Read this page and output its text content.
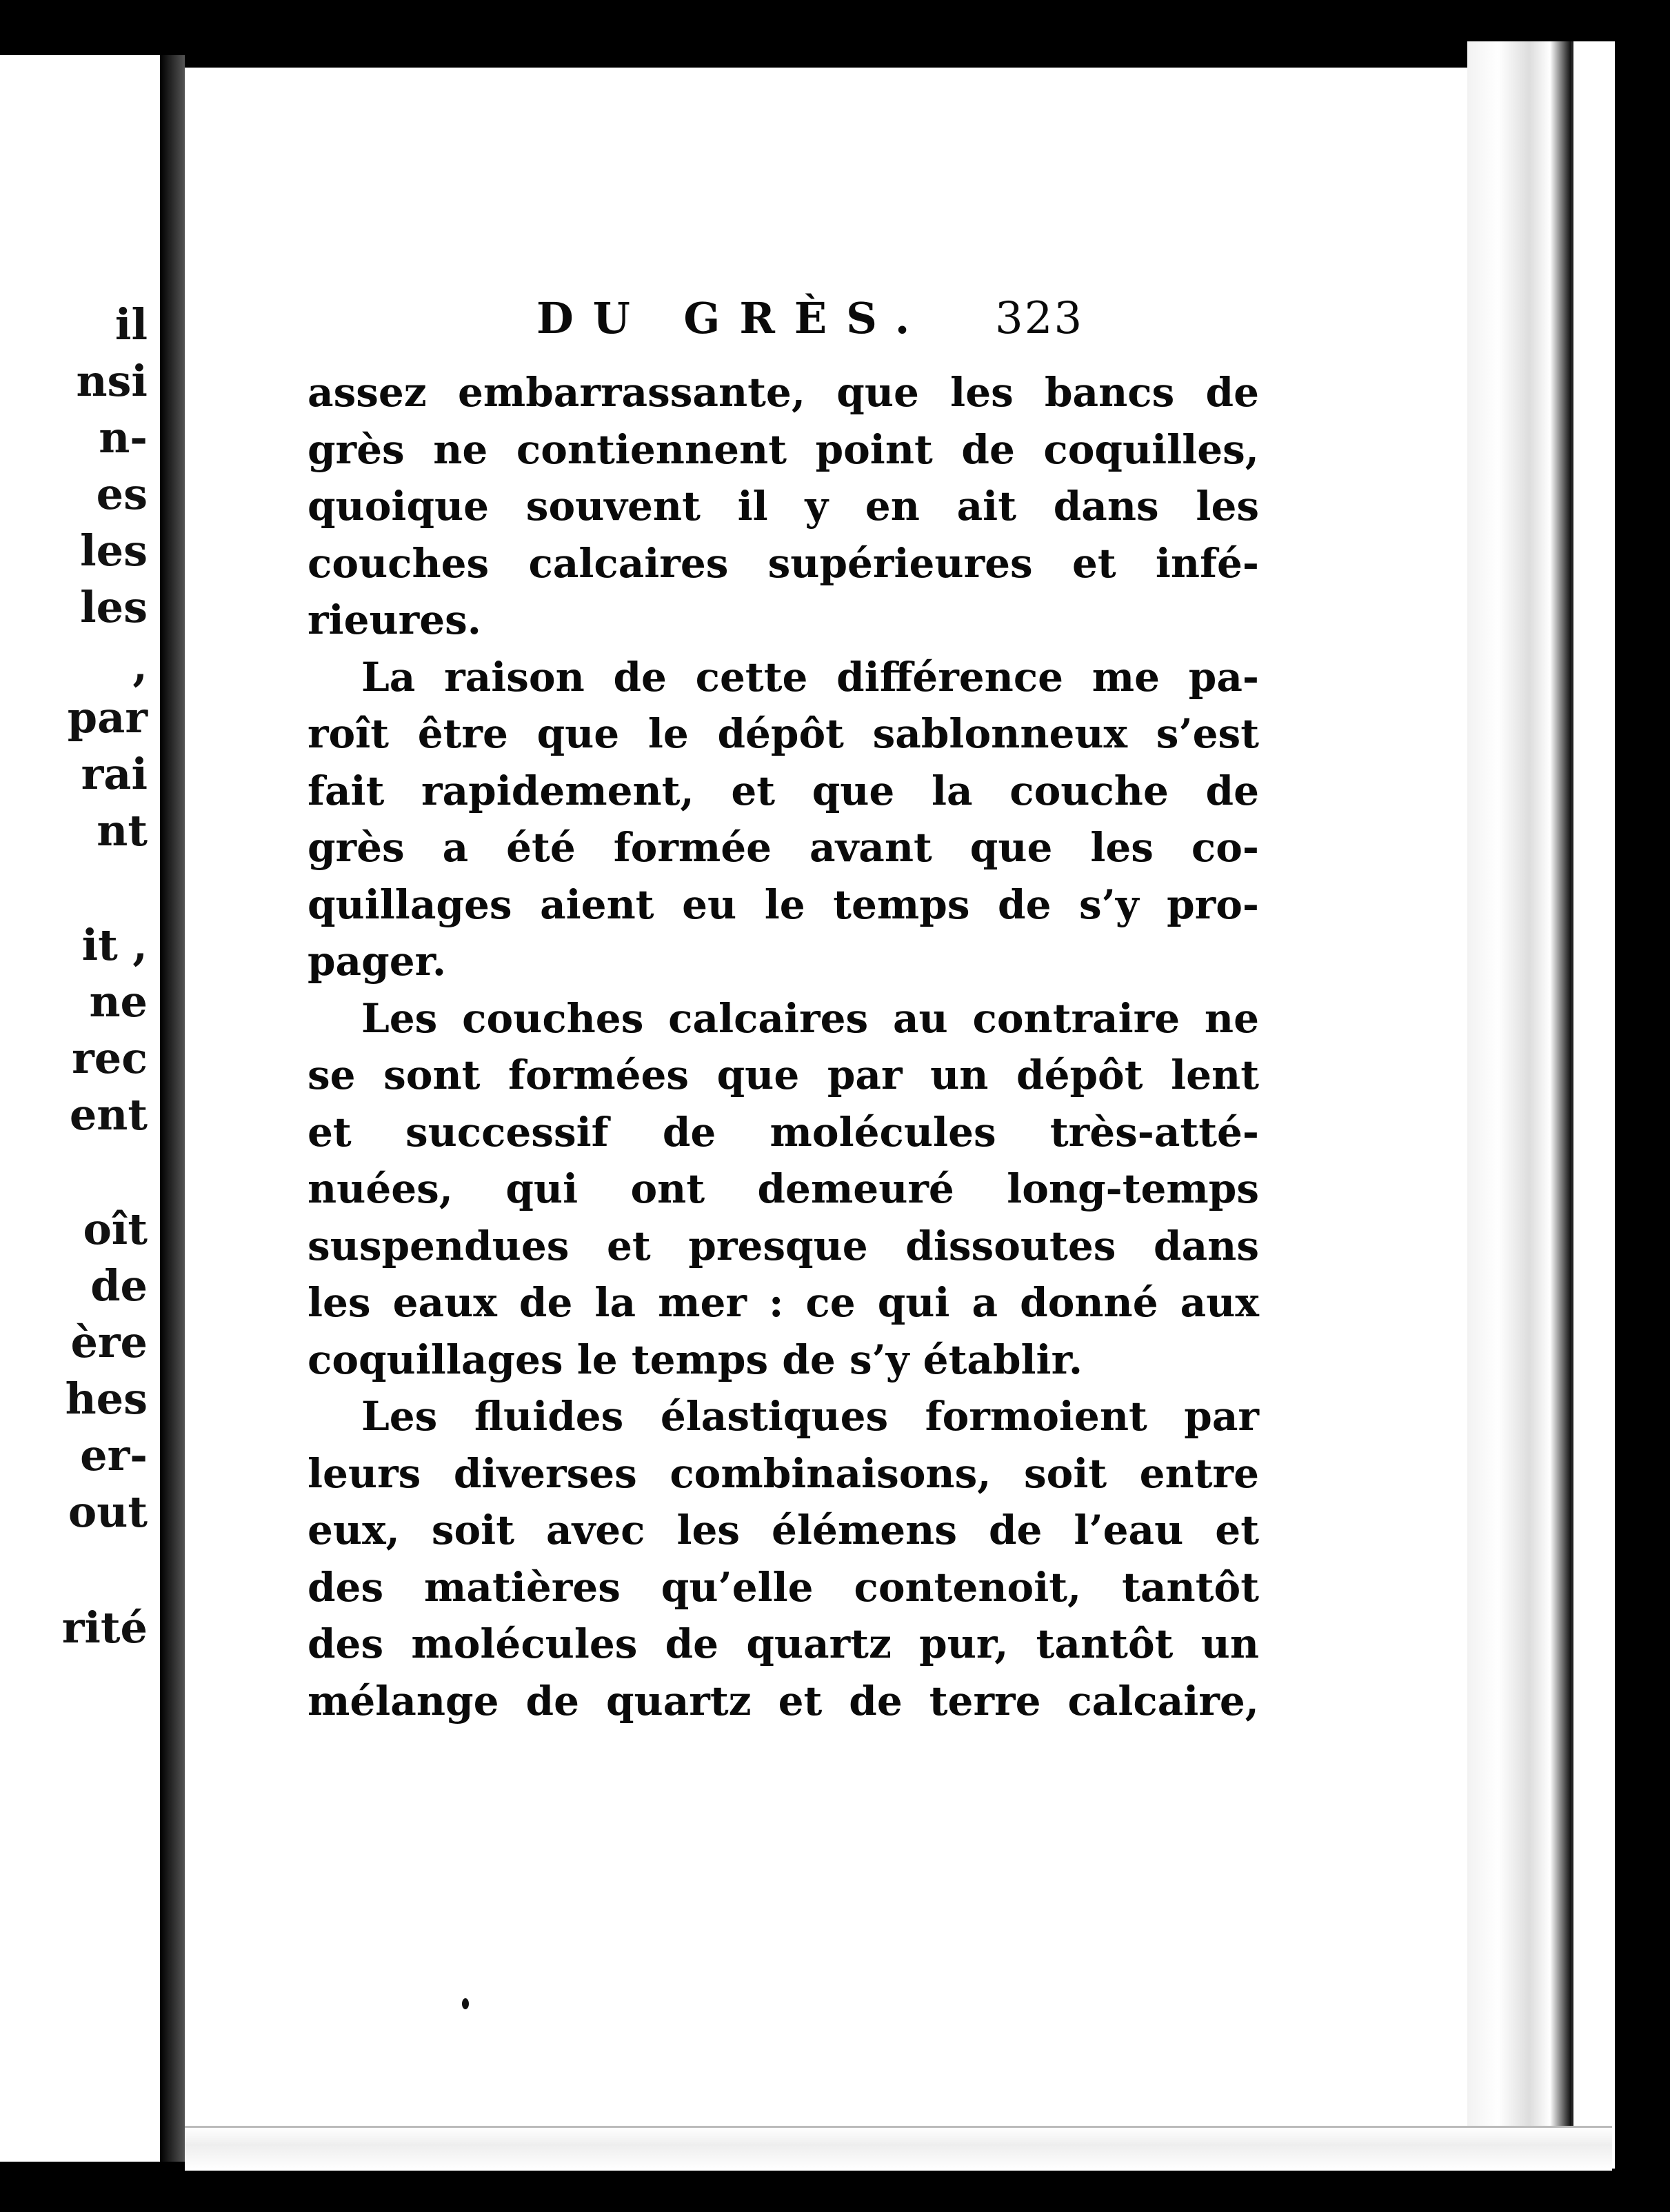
il
nsi
n-
es
les
les
,
par
rai
nt
it ,
ne
rec
ent
oît
de
ère
hes
er-
out
rité
DU GRÈS. 323
assez embarrassante, que les bancs de
grès ne contiennent point de coquilles,
quoique souvent il y en ait dans les
couches calcaires supérieures et infé-
rieures.
La raison de cette différence me pa-
roît être que le dépôt sablonneux s’est
fait rapidement, et que la couche de
grès a été formée avant que les co-
quillages aient eu le temps de s’y pro-
pager.
Les couches calcaires au contraire ne
se sont formées que par un dépôt lent
et successif de molécules très-atté-
nuées, qui ont demeuré long-temps
suspendues et presque dissoutes dans
les eaux de la mer : ce qui a donné aux
coquillages le temps de s’y établir.
Les fluides élastiques formoient par
leurs diverses combinaisons, soit entre
eux, soit avec les élémens de l’eau et
des matières qu’elle contenoit, tantôt
des molécules de quartz pur, tantôt un
mélange de quartz et de terre calcaire,
